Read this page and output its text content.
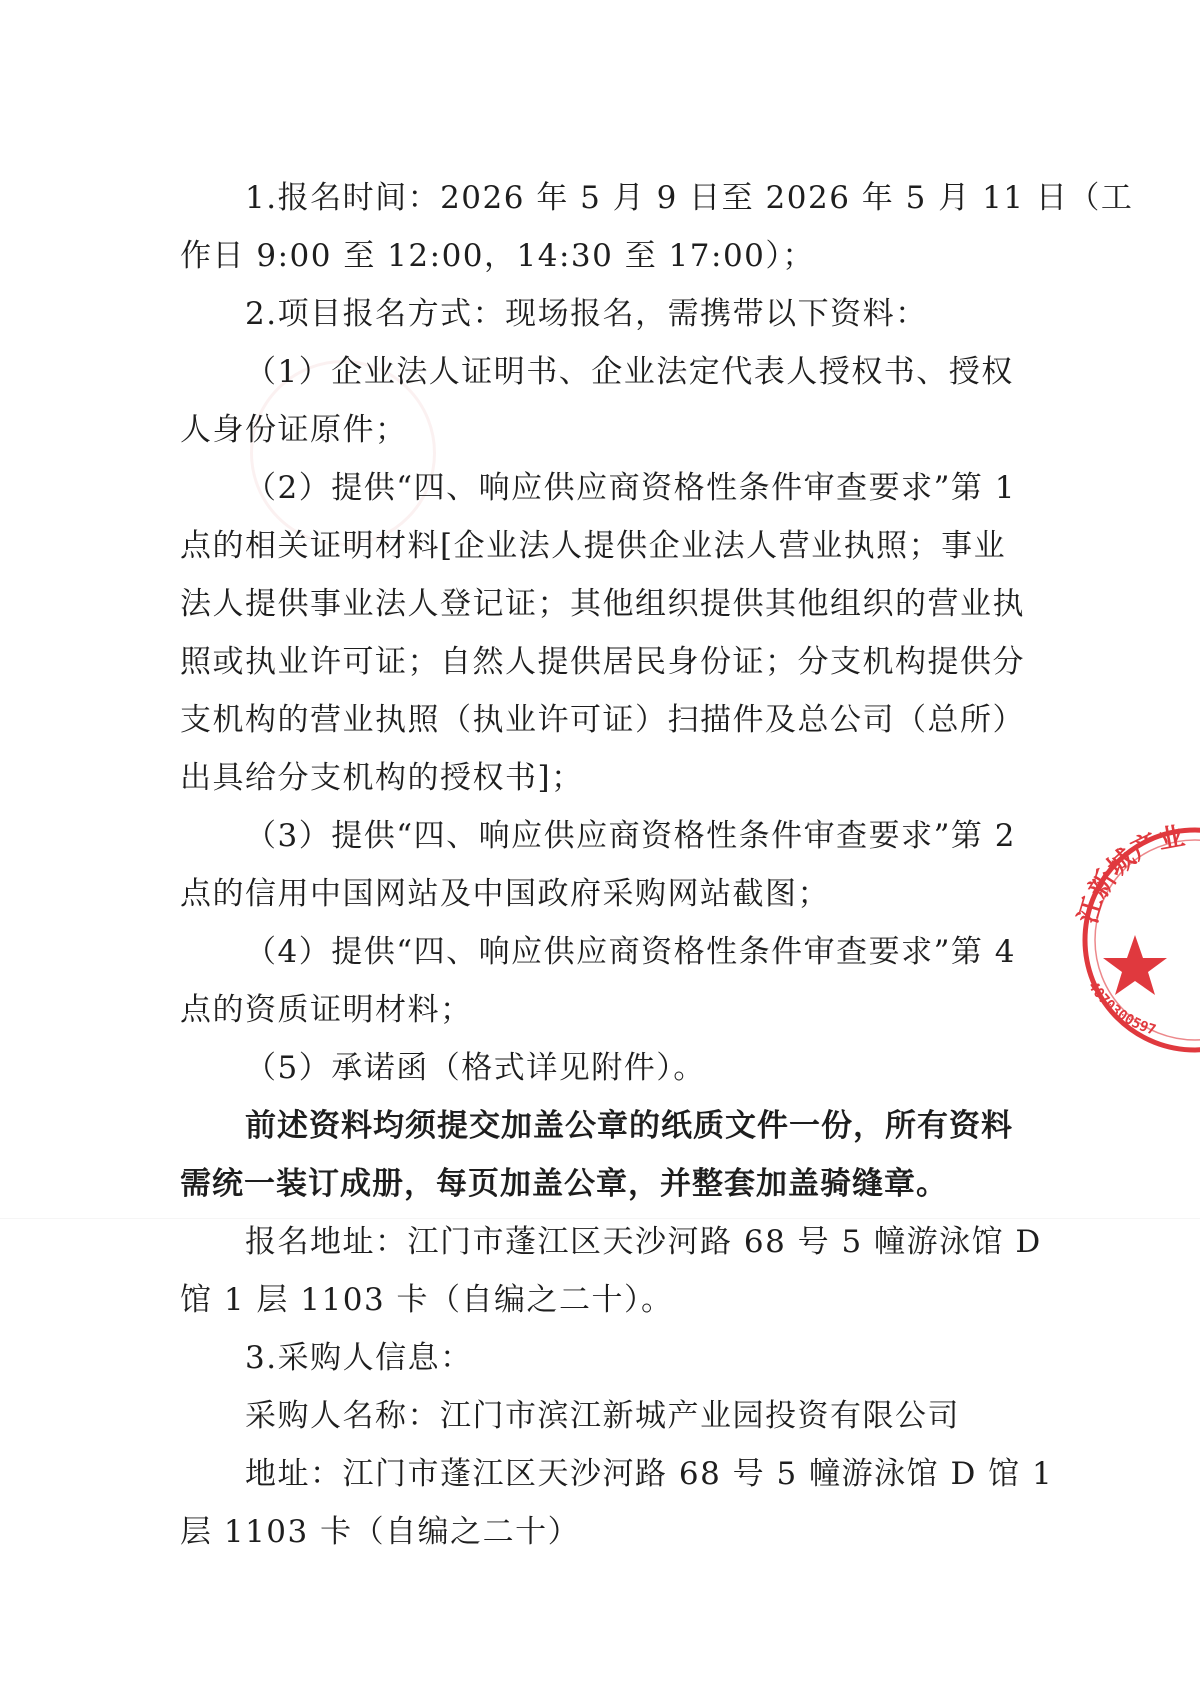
1.报名时间：2026 年 5 月 9 日至 2026 年 5 月 11 日（工
作日 9:00 至 12:00，14:30 至 17:00）；
2.项目报名方式：现场报名，需携带以下资料：
（1）企业法人证明书、企业法定代表人授权书、授权
人身份证原件；
（2）提供“四、响应供应商资格性条件审查要求”第 1
点的相关证明材料[企业法人提供企业法人营业执照；事业
法人提供事业法人登记证；其他组织提供其他组织的营业执
照或执业许可证；自然人提供居民身份证；分支机构提供分
支机构的营业执照（执业许可证）扫描件及总公司（总所）
出具给分支机构的授权书]；
（3）提供“四、响应供应商资格性条件审查要求”第 2
点的信用中国网站及中国政府采购网站截图；
（4）提供“四、响应供应商资格性条件审查要求”第 4
点的资质证明材料；
（5）承诺函（格式详见附件）。
前述资料均须提交加盖公章的纸质文件一份，所有资料
需统一装订成册，每页加盖公章，并整套加盖骑缝章。
报名地址：江门市蓬江区天沙河路 68 号 5 幢游泳馆 D
馆 1 层 1103 卡（自编之二十）。
3.采购人信息：
采购人名称：江门市滨江新城产业园投资有限公司
地址：江门市蓬江区天沙河路 68 号 5 幢游泳馆 D 馆 1
层 1103 卡（自编之二十）
江新城产业
4070300597
